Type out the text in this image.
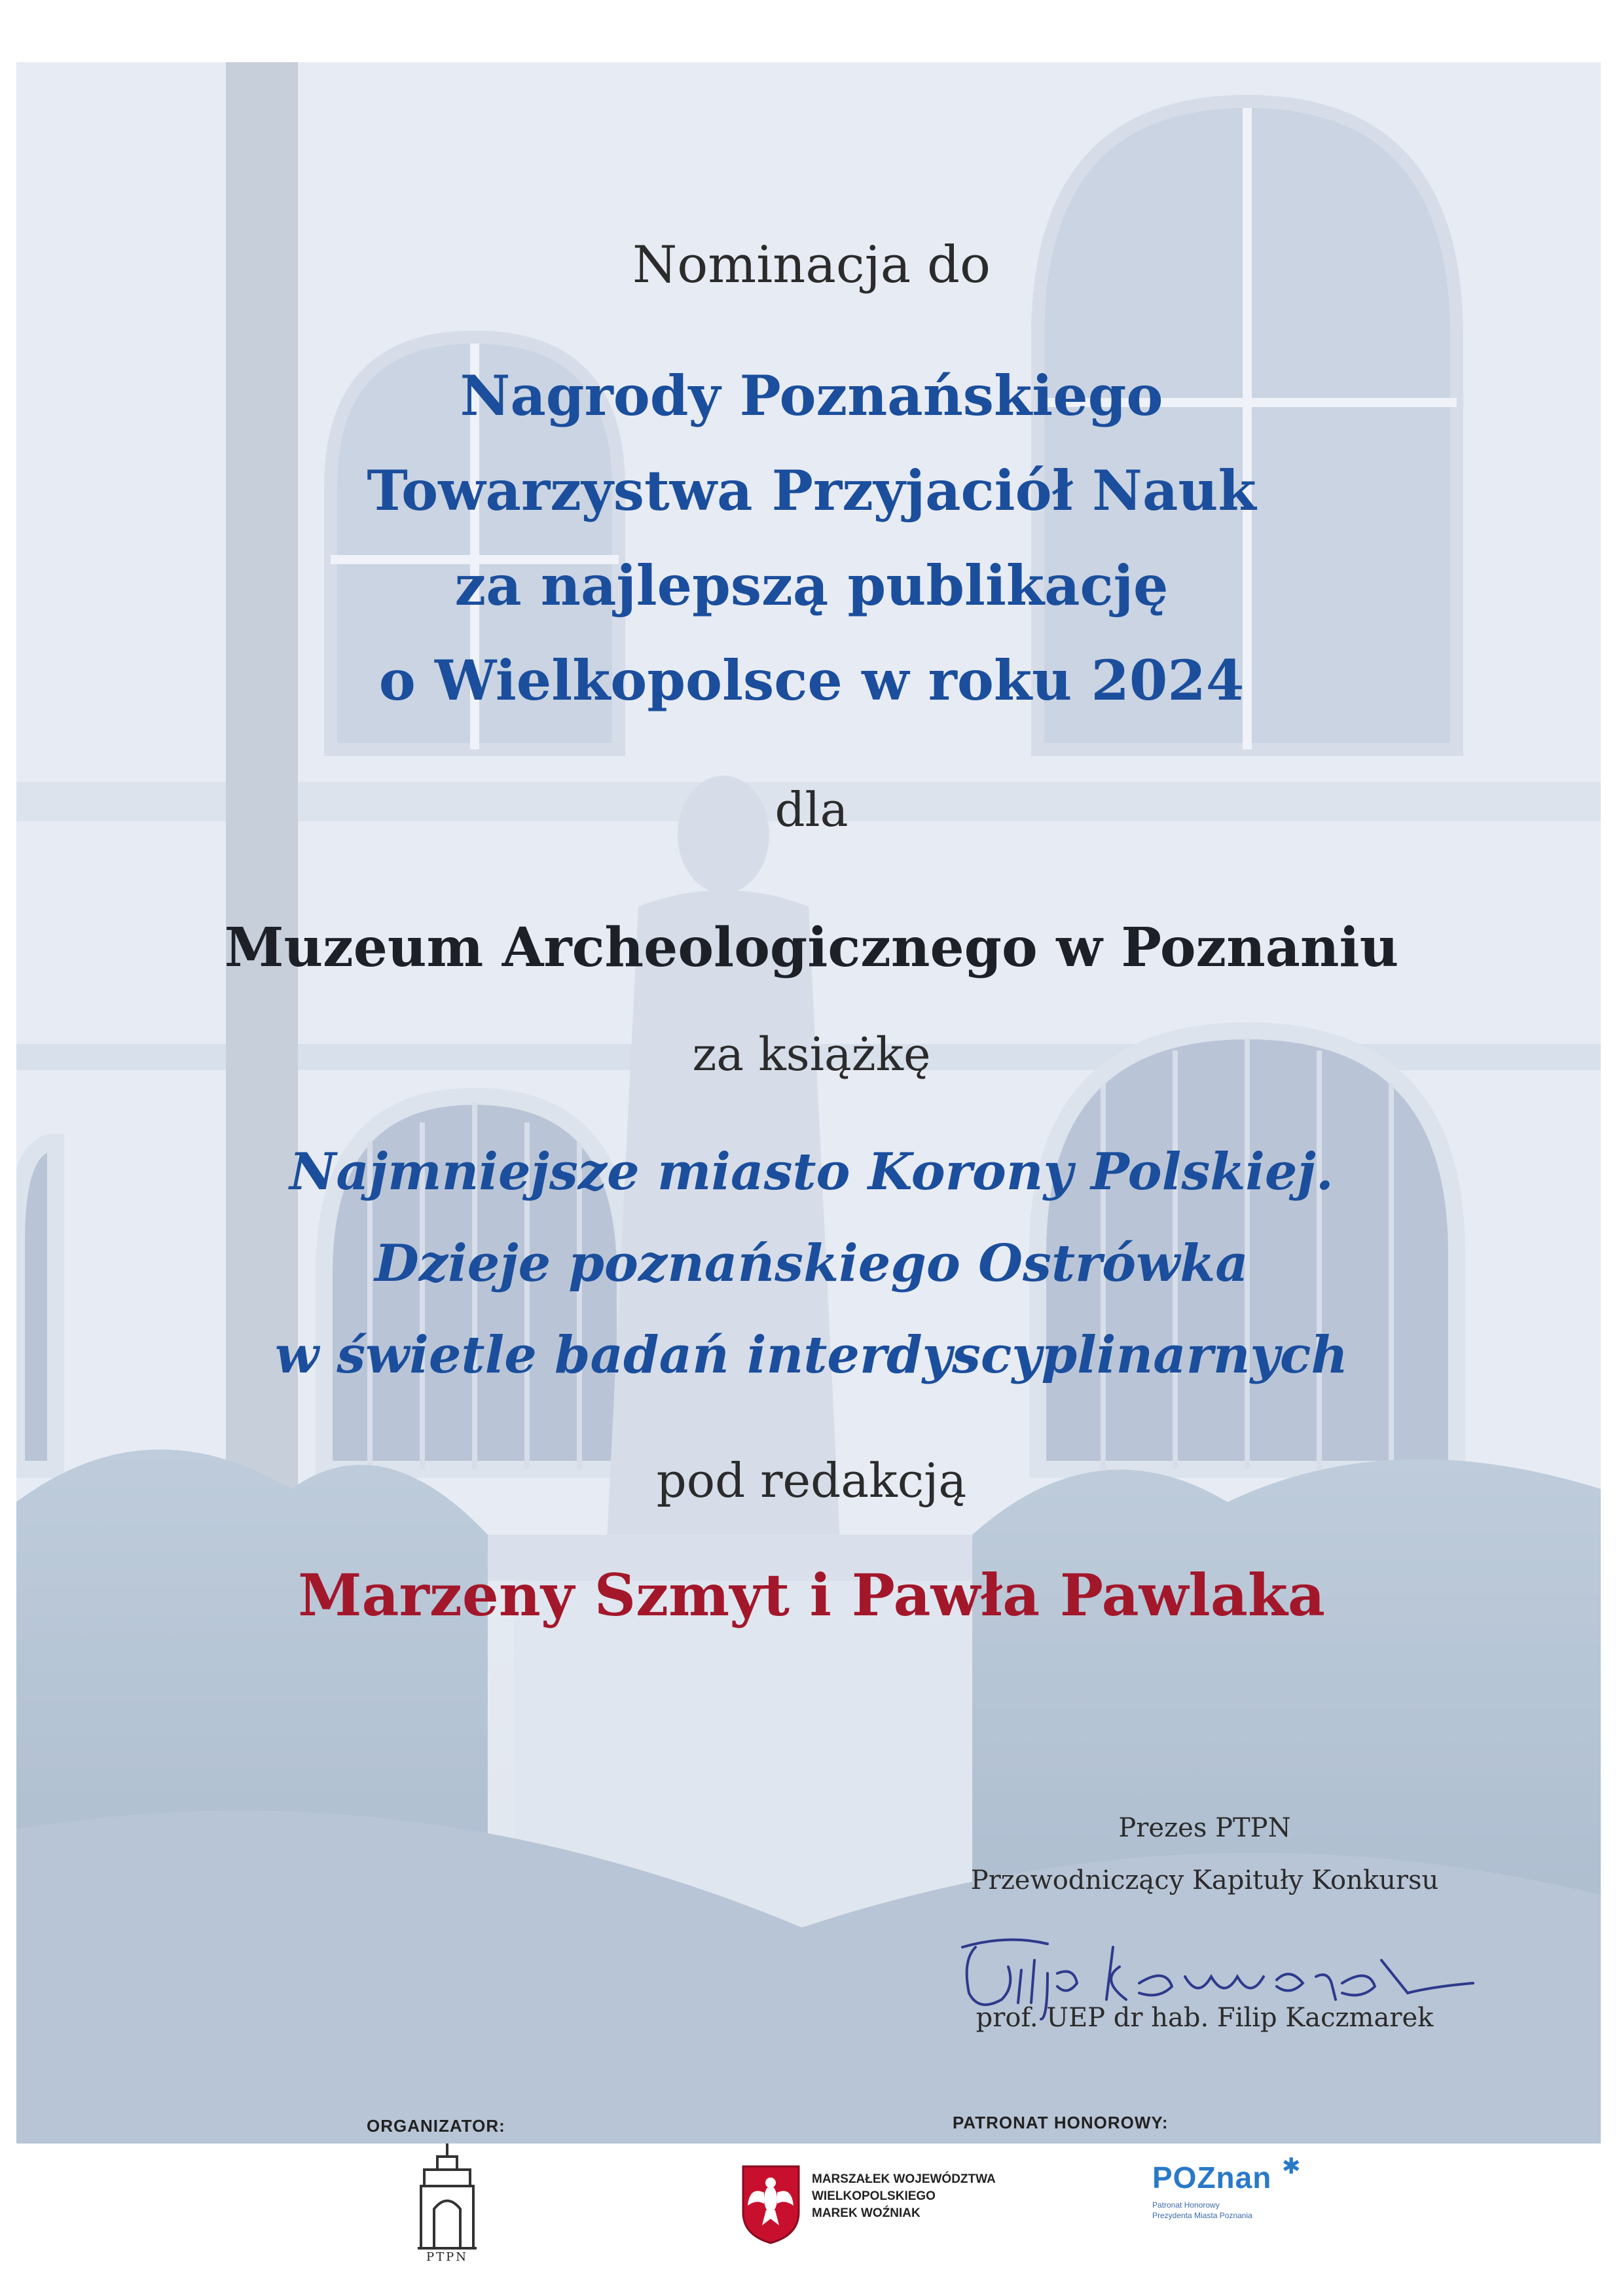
Nominacja do
Nagrody Poznańskiego
Towarzystwa Przyjaciół Nauk
za najlepszą publikację
o Wielkopolsce w roku 2024
dla
Muzeum Archeologicznego w Poznaniu
za książkę
Najmniejsze miasto Korony Polskiej.
Dzieje poznańskiego Ostrówka
w świetle badań interdyscyplinarnych
pod redakcją
Marzeny Szmyt i Pawła Pawlaka
Prezes PTPN
Przewodniczący Kapituły Konkursu
prof. UEP dr hab. Filip Kaczmarek
ORGANIZATOR:	PATRONAT HONOROWY:
PTPN
MARSZAŁEK WOJEWÓDZTWA
WIELKOPOLSKIEGO
MAREK WOŹNIAK
POZnan ✱
Patronat Honorowy
Prezydenta Miasta Poznania
